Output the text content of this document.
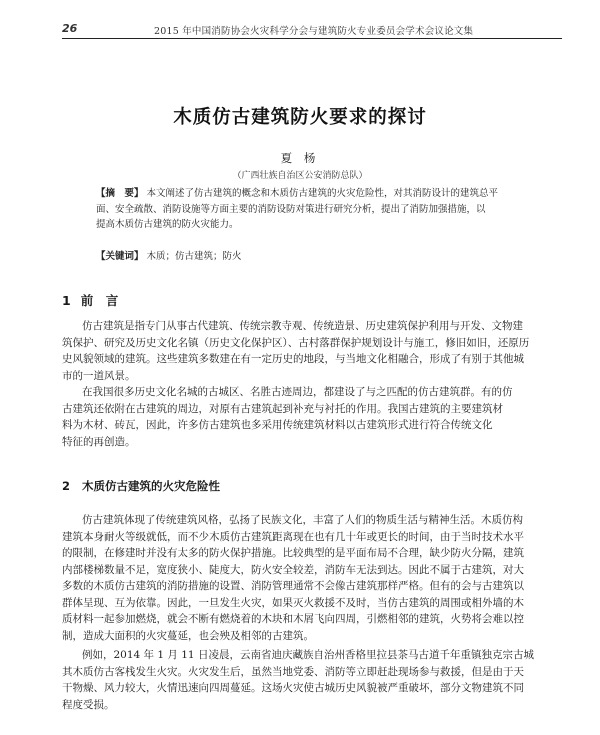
26	2015 年中国消防协会火灾科学分会与建筑防火专业委员会学术会议论文集
木质仿古建筑防火要求的探讨
夏 杨
（广西壮族自治区公安消防总队）
【摘　要】 本文阐述了仿古建筑的概念和木质仿古建筑的火灾危险性，对其消防设计的建筑总平
面、安全疏散、消防设施等方面主要的消防设防对策进行研究分析，提出了消防加强措施，以
提高木质仿古建筑的防火灾能力。
【关键词】 木质；仿古建筑；防火
1 前　言
仿古建筑是指专门从事古代建筑、传统宗教寺观、传统造景、历史建筑保护利用与开发、文物建
筑保护、研究及历史文化名镇（历史文化保护区）、古村落群保护规划设计与施工，修旧如旧，还原历
史风貌领域的建筑。这些建筑多数建在有一定历史的地段，与当地文化相融合，形成了有别于其他城
市的一道风景。
在我国很多历史文化名城的古城区、名胜古迹周边，都建设了与之匹配的仿古建筑群。有的仿
古建筑还依附在古建筑的周边，对原有古建筑起到补充与衬托的作用。我国古建筑的主要建筑材
料为木材、砖瓦，因此，许多仿古建筑也多采用传统建筑材料以古建筑形式进行符合传统文化
特征的再创造。
2 木质仿古建筑的火灾危险性
仿古建筑体现了传统建筑风格，弘扬了民族文化，丰富了人们的物质生活与精神生活。木质仿构
建筑本身耐火等级就低，而不少木质仿古建筑距离现在也有几十年或更长的时间，由于当时技术水平
的限制，在修建时并没有太多的防火保护措施。比较典型的是平面布局不合理，缺少防火分隔，建筑
内部楼梯数量不足，宽度狭小、陡度大，防火安全较差，消防车无法到达。因此不属于古建筑，对大
多数的木质仿古建筑的消防措施的设置、消防管理通常不会像古建筑那样严格。但有的会与古建筑以
群体呈现、互为依靠。因此，一旦发生火灾，如果灭火救援不及时，当仿古建筑的周围或相外墙的木
质材料一起参加燃烧，就会不断有燃烧着的木块和木屑飞向四周，引燃相邻的建筑，火势将会难以控
制，造成大面积的火灾蔓延，也会殃及相邻的古建筑。
例如，2014 年 1 月 11 日凌晨，云南省迪庆藏族自治州香格里拉县茶马古道千年重镇独克宗古城
其木质仿古客栈发生火灾。火灾发生后，虽然当地党委、消防等立即赶赴现场参与救援，但是由于天
干物燥、风力较大，火情迅速向四周蔓延。这场火灾使古城历史风貌被严重破坏，部分文物建筑不同
程度受损。
